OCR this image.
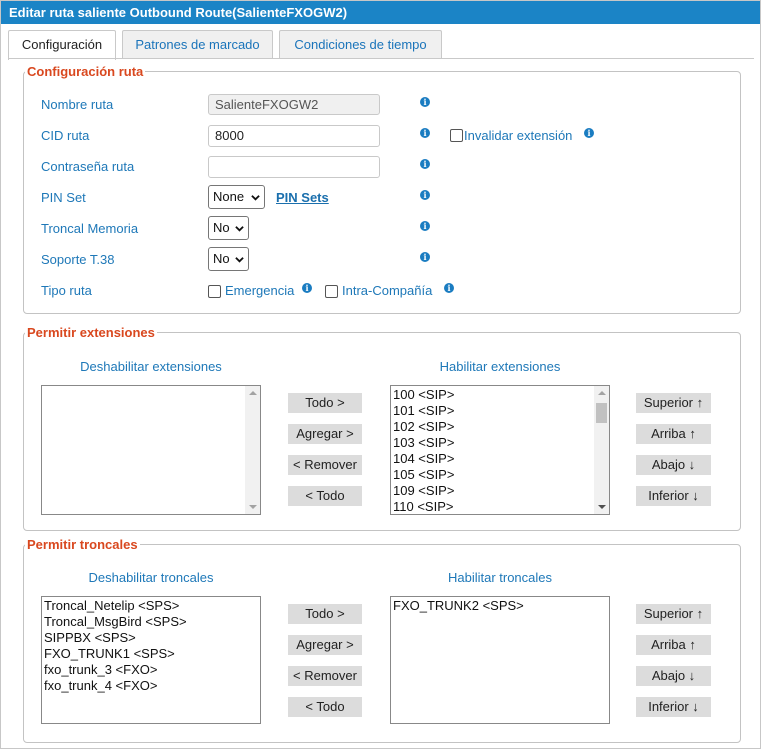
Editar ruta saliente Outbound Route(SalienteFXOGW2)
Configuración	Patrones de marcado	Condiciones de tiempo
Configuración ruta
Nombre ruta	SalienteFXOGW2	i
CID ruta	8000	i	Invalidar extensión	i
Contraseña ruta	i
PIN Set	None	PIN Sets	i
Troncal Memoria	No	i
Soporte T.38	No	i
Tipo ruta	Emergencia	i	Intra-Compañía	i
Permitir extensiones
Deshabilitar extensiones	Habilitar extensiones
100 <SIP>
101 <SIP>
102 <SIP>
103 <SIP>
104 <SIP>
105 <SIP>
109 <SIP>
110 <SIP>
Todo >
Agregar >
< Remover
< Todo
Superior ↑
Arriba ↑
Abajo ↓
Inferior ↓
Permitir troncales
Deshabilitar troncales	Habilitar troncales
Troncal_Netelip <SPS>
Troncal_MsgBird <SPS>
SIPPBX <SPS>
FXO_TRUNK1 <SPS>
fxo_trunk_3 <FXO>
fxo_trunk_4 <FXO>
FXO_TRUNK2 <SPS>
Todo >
Agregar >
< Remover
< Todo
Superior ↑
Arriba ↑
Abajo ↓
Inferior ↓
